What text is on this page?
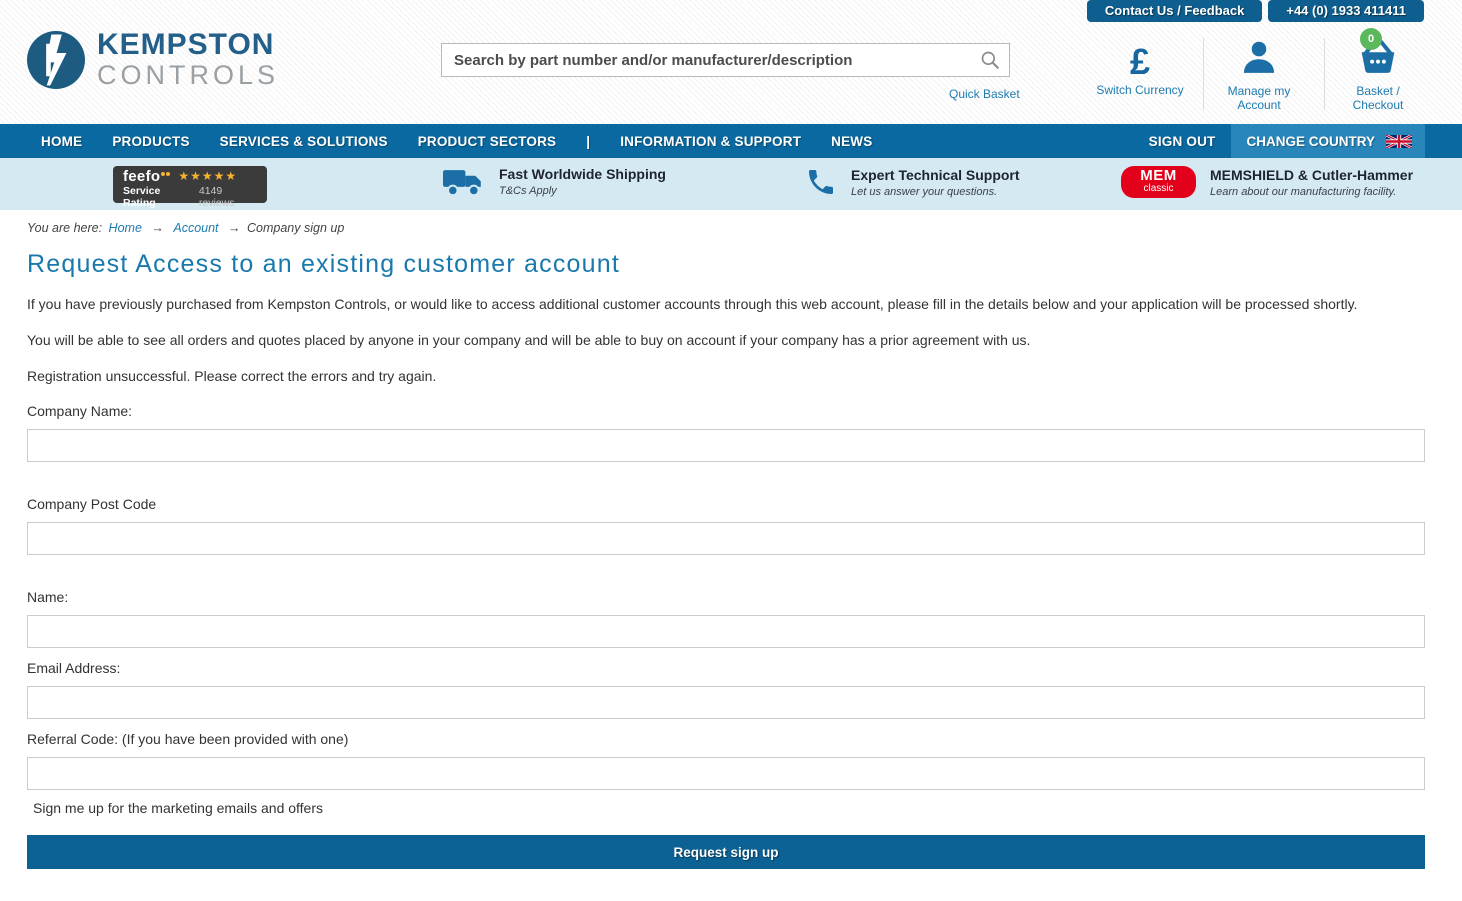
Contact Us / Feedback	+44 (0) 1933 411411
KEMPSTON
CONTROLS
Search by part number and/or manufacturer/description
Quick Basket
£
Switch Currency	Manage my
Account
0
Basket / Checkout
HOME PRODUCTS SERVICES & SOLUTIONS PRODUCT SECTORS | INFORMATION & SUPPORT NEWS	SIGN OUT CHANGE COUNTRY
feefo ★★★★★
Service Rating
4149 reviews
Fast Worldwide Shipping
T&Cs Apply
Expert Technical Support
Let us answer your questions.
MEM
classic
MEMSHIELD & Cutler-Hammer
Learn about our manufacturing facility.
You are here: Home → Account → Company sign up
Request Access to an existing customer account

If you have previously purchased from Kempston Controls, or would like to access additional customer accounts through this web account, please fill in the details below and your application will be processed shortly.

You will be able to see all orders and quotes placed by anyone in your company and will be able to buy on account if your company has a prior agreement with us.

Registration unsuccessful. Please correct the errors and try again.

Company Name:
Company Post Code
Name:
Email Address:
Referral Code: (If you have been provided with one)
Sign me up for the marketing emails and offers
Request sign up
